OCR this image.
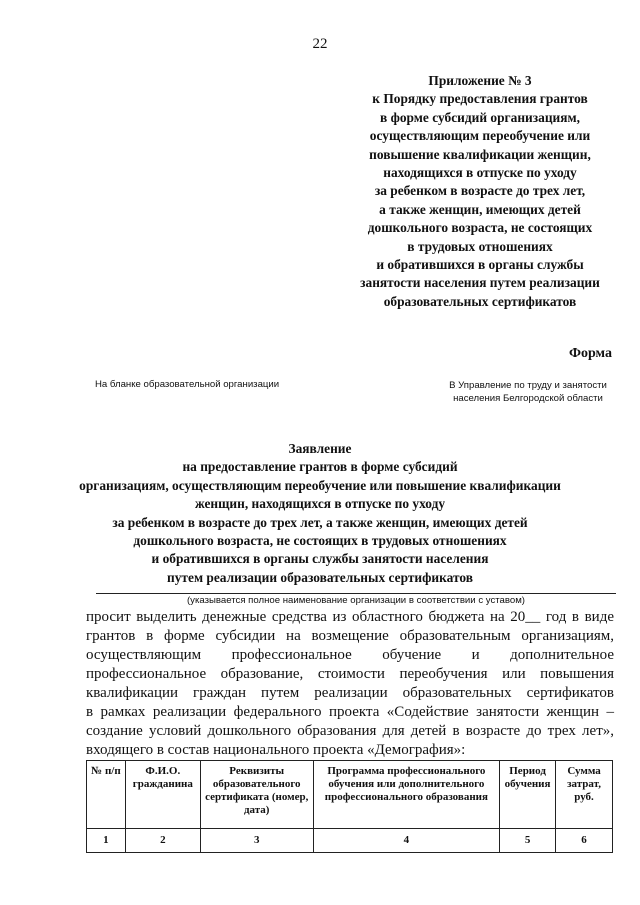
22
Приложение № 3
к Порядку предоставления грантов
в форме субсидий организациям,
осуществляющим переобучение или
повышение квалификации женщин,
находящихся в отпуске по уходу
за ребенком в возрасте до трех лет,
а также женщин, имеющих детей
дошкольного возраста, не состоящих
в трудовых отношениях
и обратившихся в органы службы
занятости населения путем реализации
образовательных сертификатов
Форма
На бланке образовательной организации	В Управление по труду и занятости
населения Белгородской области
Заявление
на предоставление грантов в форме субсидий
организациям, осуществляющим переобучение или повышение квалификации
женщин, находящихся в отпуске по уходу
за ребенком в возрасте до трех лет, а также женщин, имеющих детей
дошкольного возраста, не состоящих в трудовых отношениях
и обратившихся в органы службы занятости населения
путем реализации образовательных сертификатов
(указывается полное наименование организации в соответствии с уставом)
просит выделить денежные средства из областного бюджета на 20__ год в виде
грантов в форме субсидии на возмещение образовательным организациям,
осуществляющим профессиональное обучение и дополнительное
профессиональное образование, стоимости переобучения или повышения
квалификации граждан путем реализации образовательных сертификатов
в рамках реализации федерального проекта «Содействие занятости женщин –
создание условий дошкольного образования для детей в возрасте до трех лет»,
входящего в состав национального проекта «Демография»:
№ п/п	Ф.И.О. гражданина	Реквизиты образовательного сертификата (номер, дата)	Программа профессионального обучения или дополнительного профессионального образования	Период обучения	Сумма затрат, руб.
1	2	3	4	5	6
